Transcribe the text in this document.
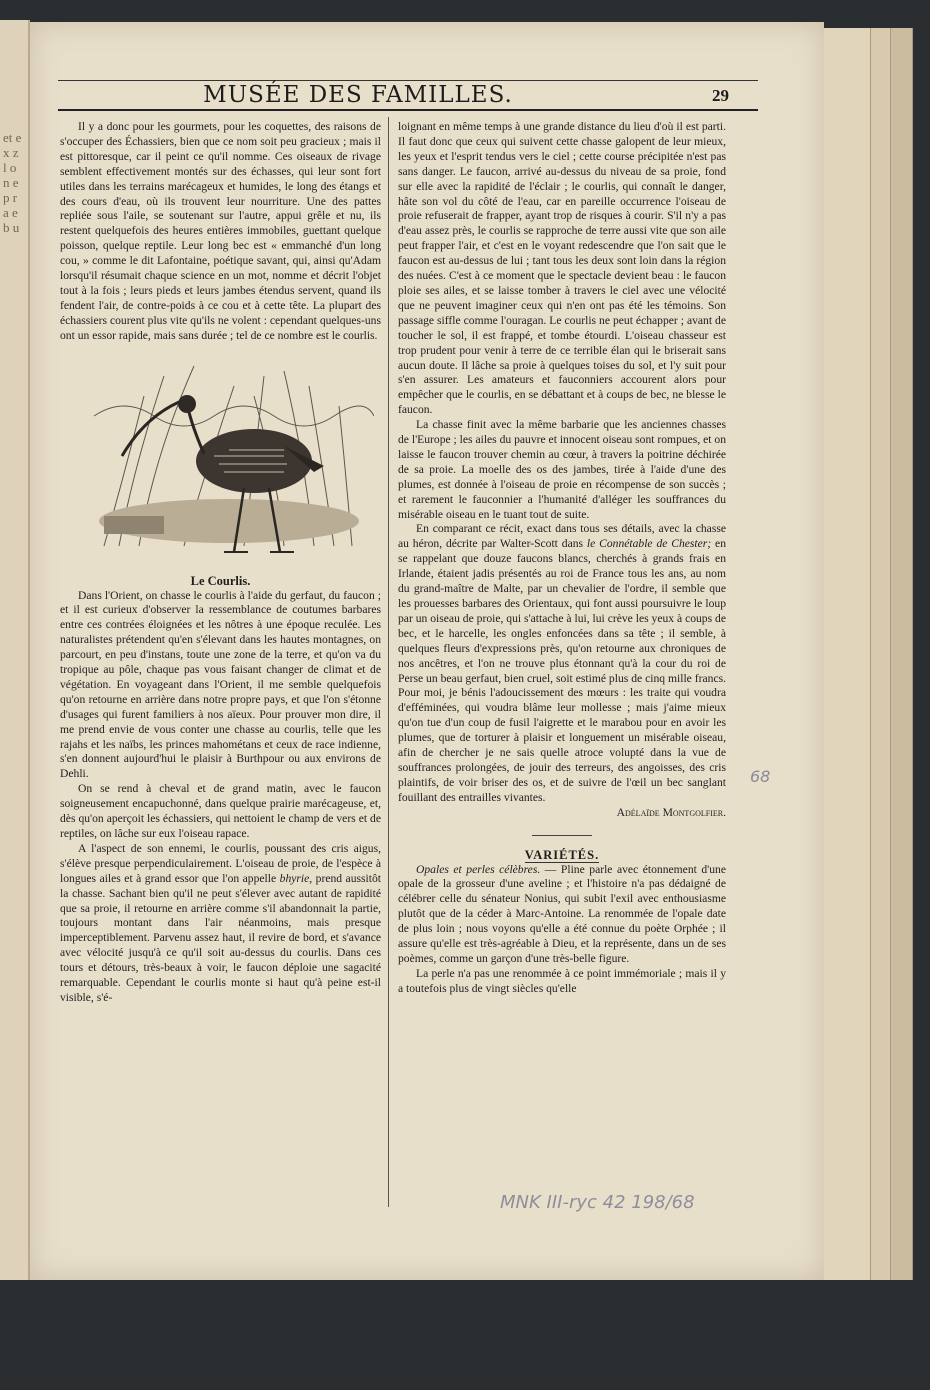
et ex z l o n e p r a e b u
MUSÉE DES FAMILLES.	29

Il y a donc pour les gourmets, pour les coquettes, des raisons de s'occuper des Échassiers, bien que ce nom soit peu gracieux ; mais il est pittoresque, car il peint ce qu'il nomme. Ces oiseaux de rivage semblent effectivement montés sur des échasses, qui leur sont fort utiles dans les terrains marécageux et humides, le long des étangs et des cours d'eau, où ils trouvent leur nourriture. Une des pattes repliée sous l'aile, se soutenant sur l'autre, appui grêle et nu, ils restent quelquefois des heures entières immobiles, guettant quelque poisson, quelque reptile. Leur long bec est « emmanché d'un long cou, » comme le dit Lafontaine, poétique savant, qui, ainsi qu'Adam lorsqu'il résumait chaque science en un mot, nomme et décrit l'objet tout à la fois ; leurs pieds et leurs jambes étendus servent, quand ils fendent l'air, de contre-poids à ce cou et à cette tête. La plupart des échassiers courent plus vite qu'ils ne volent : cependant quelques-uns ont un essor rapide, mais sans durée ; tel de ce nombre est le courlis.

Le Courlis.

Dans l'Orient, on chasse le courlis à l'aide du gerfaut, du faucon ; et il est curieux d'observer la ressemblance de coutumes barbares entre ces contrées éloignées et les nôtres à une époque reculée. Les naturalistes prétendent qu'en s'élevant dans les hautes montagnes, on parcourt, en peu d'instans, toute une zone de la terre, et qu'on va du tropique au pôle, chaque pas vous faisant changer de climat et de végétation. En voyageant dans l'Orient, il me semble quelquefois qu'on retourne en arrière dans notre propre pays, et que l'on s'étonne d'usages qui furent familiers à nos aïeux. Pour prouver mon dire, il me prend envie de vous conter une chasse au courlis, telle que les rajahs et les naïbs, les princes mahométans et ceux de race indienne, s'en donnent aujourd'hui le plaisir à Burthpour ou aux environs de Dehli.

On se rend à cheval et de grand matin, avec le faucon soigneusement encapuchonné, dans quelque prairie marécageuse, et, dès qu'on aperçoit les échassiers, qui nettoient le champ de vers et de reptiles, on lâche sur eux l'oiseau rapace.

A l'aspect de son ennemi, le courlis, poussant des cris aigus, s'élève presque perpendiculairement. L'oiseau de proie, de l'espèce à longues ailes et à grand essor que l'on appelle bhyrie, prend aussitôt la chasse. Sachant bien qu'il ne peut s'élever avec autant de rapidité que sa proie, il retourne en arrière comme s'il abandonnait la partie, toujours montant dans l'air néanmoins, mais presque imperceptiblement. Parvenu assez haut, il revire de bord, et s'avance avec vélocité jusqu'à ce qu'il soit au-dessus du courlis. Dans ces tours et détours, très-beaux à voir, le faucon déploie une sagacité remarquable. Cependant le courlis monte si haut qu'à peine est-il visible, s'é-

loignant en même temps à une grande distance du lieu d'où il est parti. Il faut donc que ceux qui suivent cette chasse galopent de leur mieux, les yeux et l'esprit tendus vers le ciel ; cette course précipitée n'est pas sans danger. Le faucon, arrivé au-dessus du niveau de sa proie, fond sur elle avec la rapidité de l'éclair ; le courlis, qui connaît le danger, hâte son vol du côté de l'eau, car en pareille occurrence l'oiseau de proie refuserait de frapper, ayant trop de risques à courir. S'il n'y a pas d'eau assez près, le courlis se rapproche de terre aussi vite que son aile peut frapper l'air, et c'est en le voyant redescendre que l'on sait que le faucon est au-dessus de lui ; tant tous les deux sont loin dans la région des nuées. C'est à ce moment que le spectacle devient beau : le faucon ploie ses ailes, et se laisse tomber à travers le ciel avec une vélocité que ne peuvent imaginer ceux qui n'en ont pas été les témoins. Son passage siffle comme l'ouragan. Le courlis ne peut échapper ; avant de toucher le sol, il est frappé, et tombe étourdi. L'oiseau chasseur est trop prudent pour venir à terre de ce terrible élan qui le briserait sans aucun doute. Il lâche sa proie à quelques toises du sol, et l'y suit pour s'en assurer. Les amateurs et fauconniers accourent alors pour empêcher que le courlis, en se débattant et à coups de bec, ne blesse le faucon.

La chasse finit avec la même barbarie que les anciennes chasses de l'Europe ; les ailes du pauvre et innocent oiseau sont rompues, et on laisse le faucon trouver chemin au cœur, à travers la poitrine déchirée de sa proie. La moelle des os des jambes, tirée à l'aide d'une des plumes, est donnée à l'oiseau de proie en récompense de son succès ; et rarement le fauconnier a l'humanité d'alléger les souffrances du misérable oiseau en le tuant tout de suite.

En comparant ce récit, exact dans tous ses détails, avec la chasse au héron, décrite par Walter-Scott dans le Connétable de Chester; en se rappelant que douze faucons blancs, cherchés à grands frais en Irlande, étaient jadis présentés au roi de France tous les ans, au nom du grand-maître de Malte, par un chevalier de l'ordre, il semble que les prouesses barbares des Orientaux, qui font aussi poursuivre le loup par un oiseau de proie, qui s'attache à lui, lui crève les yeux à coups de bec, et le harcelle, les ongles enfoncées dans sa tête ; il semble, à quelques fleurs d'expressions près, qu'on retourne aux chroniques de nos ancêtres, et l'on ne trouve plus étonnant qu'à la cour du roi de Perse un beau gerfaut, bien cruel, soit estimé plus de cinq mille francs. Pour moi, je bénis l'adoucissement des mœurs : les traite qui voudra d'efféminées, qui voudra blâme leur mollesse ; mais j'aime mieux qu'on tue d'un coup de fusil l'aigrette et le marabou pour en avoir les plumes, que de torturer à plaisir et longuement un misérable oiseau, afin de chercher je ne sais quelle atroce volupté dans la vue de souffrances prolongées, de jouir des terreurs, des angoisses, des cris plaintifs, de voir briser des os, et de suivre de l'œil un bec sanglant fouillant des entrailles vivantes.

Adélaïde Montgolfier.

VARIÉTÉS.

Opales et perles célèbres. — Pline parle avec étonnement d'une opale de la grosseur d'une aveline ; et l'histoire n'a pas dédaigné de célébrer celle du sénateur Nonius, qui subit l'exil avec enthousiasme plutôt que de la céder à Marc-Antoine. La renommée de l'opale date de plus loin ; nous voyons qu'elle a été connue du poète Orphée ; il assure qu'elle est très-agréable à Dieu, et la représente, dans un de ses poèmes, comme un garçon d'une très-belle figure.

La perle n'a pas une renommée à ce point immémoriale ; mais il y a toutefois plus de vingt siècles qu'elle

68
MNK III-ryc 42 198/68
